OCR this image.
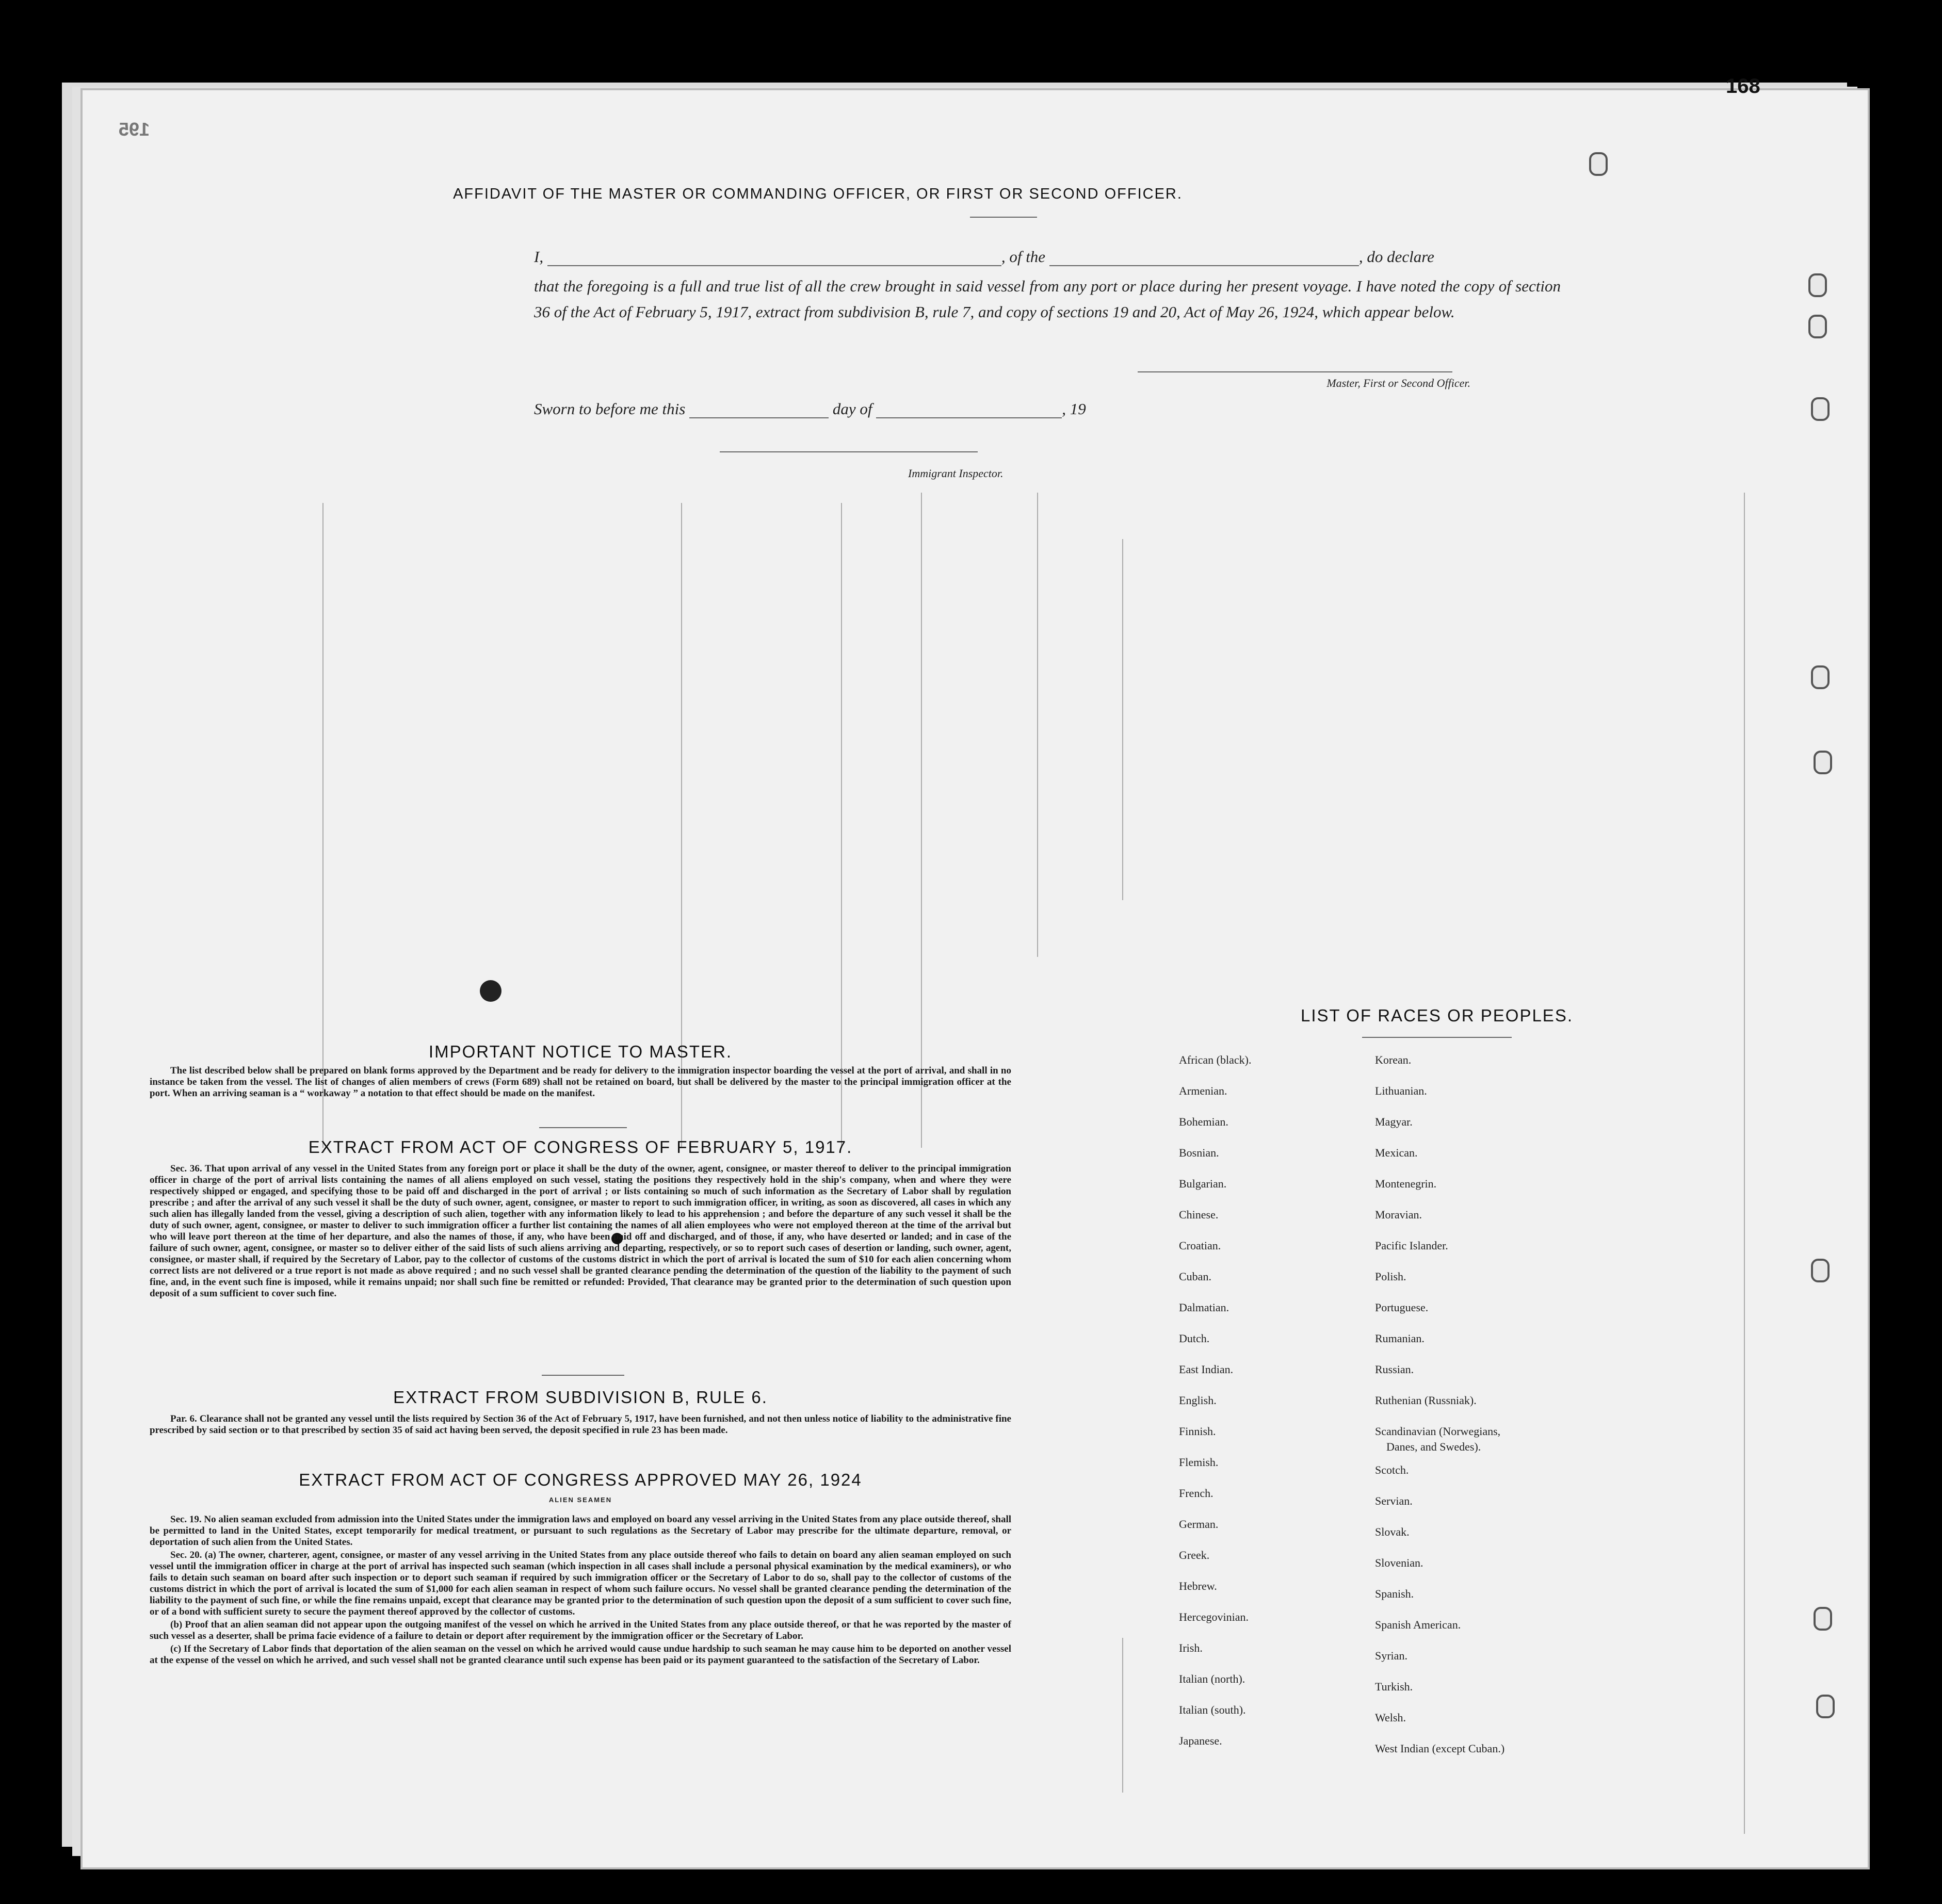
168
195
AFFIDAVIT OF THE MASTER OR COMMANDING OFFICER, OR FIRST OR SECOND OFFICER.
I,	, of the	, do declare
that the foregoing is a full and true list of all the crew brought in said vessel from any port or place during her present voyage. I have noted the copy of section 36 of the Act of February 5, 1917, extract from subdivision B, rule 7, and copy of sections 19 and 20, Act of May 26, 1924, which appear below.
Master, First or Second Officer.
Sworn to before me this	day of	, 19
Immigrant Inspector.
IMPORTANT NOTICE TO MASTER.

The list described below shall be prepared on blank forms approved by the Department and be ready for delivery to the immigration inspector boarding the vessel at the port of arrival, and shall in no instance be taken from the vessel. The list of changes of alien members of crews (Form 689) shall not be retained on board, but shall be delivered by the master to the principal immigration officer at the port. When an arriving seaman is a “ workaway ” a notation to that effect should be made on the manifest.

EXTRACT FROM ACT OF CONGRESS OF FEBRUARY 5, 1917.

Sec. 36. That upon arrival of any vessel in the United States from any foreign port or place it shall be the duty of the owner, agent, consignee, or master thereof to deliver to the principal immigration officer in charge of the port of arrival lists containing the names of all aliens employed on such vessel, stating the positions they respectively hold in the ship's company, when and where they were respectively shipped or engaged, and specifying those to be paid off and discharged in the port of arrival ; or lists containing so much of such information as the Secretary of Labor shall by regulation prescribe ; and after the arrival of any such vessel it shall be the duty of such owner, agent, consignee, or master to report to such immigration officer, in writing, as soon as discovered, all cases in which any such alien has illegally landed from the vessel, giving a description of such alien, together with any information likely to lead to his apprehension ; and before the departure of any such vessel it shall be the duty of such owner, agent, consignee, or master to deliver to such immigration officer a further list containing the names of all alien employees who were not employed thereon at the time of the arrival but who will leave port thereon at the time of her departure, and also the names of those, if any, who have been paid off and discharged, and of those, if any, who have deserted or landed; and in case of the failure of such owner, agent, consignee, or master so to deliver either of the said lists of such aliens arriving and departing, respectively, or so to report such cases of desertion or landing, such owner, agent, consignee, or master shall, if required by the Secretary of Labor, pay to the collector of customs of the customs district in which the port of arrival is located the sum of $10 for each alien concerning whom correct lists are not delivered or a true report is not made as above required ; and no such vessel shall be granted clearance pending the determination of the question of the liability to the payment of such fine, and, in the event such fine is imposed, while it remains unpaid; nor shall such fine be remitted or refunded: Provided, That clearance may be granted prior to the determination of such question upon deposit of a sum sufficient to cover such fine.

EXTRACT FROM SUBDIVISION B, RULE 6.

Par. 6. Clearance shall not be granted any vessel until the lists required by Section 36 of the Act of February 5, 1917, have been furnished, and not then unless notice of liability to the administrative fine prescribed by said section or to that prescribed by section 35 of said act having been served, the deposit specified in rule 23 has been made.

EXTRACT FROM ACT OF CONGRESS APPROVED MAY 26, 1924
ALIEN SEAMEN

Sec. 19. No alien seaman excluded from admission into the United States under the immigration laws and employed on board any vessel arriving in the United States from any place outside thereof, shall be permitted to land in the United States, except temporarily for medical treatment, or pursuant to such regulations as the Secretary of Labor may prescribe for the ultimate departure, removal, or deportation of such alien from the United States.

Sec. 20. (a) The owner, charterer, agent, consignee, or master of any vessel arriving in the United States from any place outside thereof who fails to detain on board any alien seaman employed on such vessel until the immigration officer in charge at the port of arrival has inspected such seaman (which inspection in all cases shall include a personal physical examination by the medical examiners), or who fails to detain such seaman on board after such inspection or to deport such seaman if required by such immigration officer or the Secretary of Labor to do so, shall pay to the collector of customs of the customs district in which the port of arrival is located the sum of $1,000 for each alien seaman in respect of whom such failure occurs. No vessel shall be granted clearance pending the determination of the liability to the payment of such fine, or while the fine remains unpaid, except that clearance may be granted prior to the determination of such question upon the deposit of a sum sufficient to cover such fine, or of a bond with sufficient surety to secure the payment thereof approved by the collector of customs.

(b) Proof that an alien seaman did not appear upon the outgoing manifest of the vessel on which he arrived in the United States from any place outside thereof, or that he was reported by the master of such vessel as a deserter, shall be prima facie evidence of a failure to detain or deport after requirement by the immigration officer or the Secretary of Labor.

(c) If the Secretary of Labor finds that deportation of the alien seaman on the vessel on which he arrived would cause undue hardship to such seaman he may cause him to be deported on another vessel at the expense of the vessel on which he arrived, and such vessel shall not be granted clearance until such expense has been paid or its payment guaranteed to the satisfaction of the Secretary of Labor.

LIST OF RACES OR PEOPLES.
African (black).
Armenian.
Bohemian.
Bosnian.
Bulgarian.
Chinese.
Croatian.
Cuban.
Dalmatian.
Dutch.
East Indian.
English.
Finnish.
Flemish.
French.
German.
Greek.
Hebrew.
Hercegovinian.
Irish.
Italian (north).
Italian (south).
Japanese.
Korean.
Lithuanian.
Magyar.
Mexican.
Montenegrin.
Moravian.
Pacific Islander.
Polish.
Portuguese.
Rumanian.
Russian.
Ruthenian (Russniak).
Scandinavian (Norwegians,
Danes, and Swedes).
Scotch.
Servian.
Slovak.
Slovenian.
Spanish.
Spanish American.
Syrian.
Turkish.
Welsh.
West Indian (except Cuban.)
